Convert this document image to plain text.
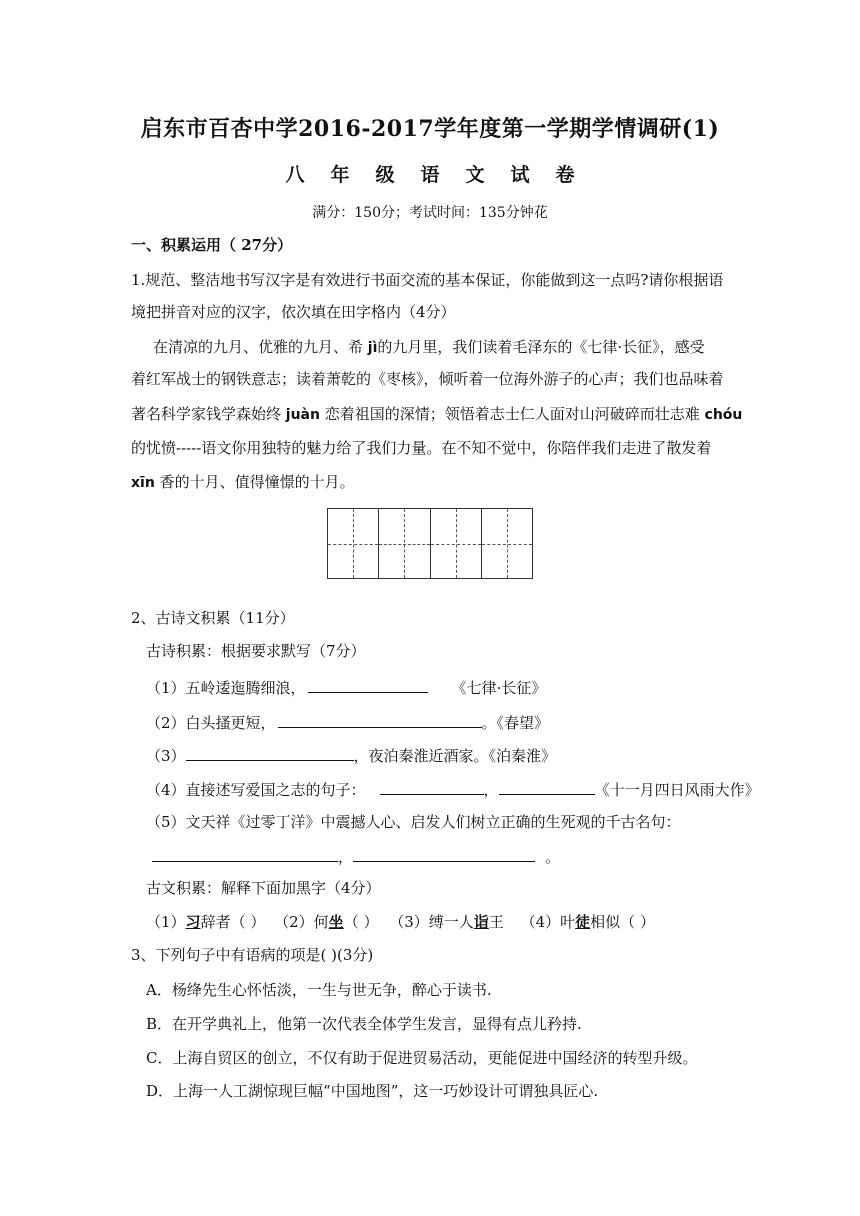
启东市百杏中学2016-2017学年度第一学期学情调研(1)
八 年 级 语 文 试 卷
满分：150分；考试时间：135分钟花
一、积累运用（ 27分）
1.规范、整洁地书写汉字是有效进行书面交流的基本保证，你能做到这一点吗?请你根据语
境把拼音对应的汉字，依次填在田字格内（4分）
在清凉的九月、优雅的九月、希 jì的九月里，我们读着毛泽东的《七律·长征》，感受
着红军战士的钢铁意志；读着萧乾的《枣核》，倾听着一位海外游子的心声；我们也品味着
著名科学家钱学森始终 juàn 恋着祖国的深情；领悟着志士仁人面对山河破碎而壮志难 chóu
的忧愤-----语文你用独特的魅力给了我们力量。在不知不觉中，你陪伴我们走进了散发着
xīn 香的十月、值得憧憬的十月。
2、古诗文积累（11分）
古诗积累：根据要求默写（7分）
（1）五岭逶迤腾细浪，	《七律·长征》
（2）白头搔更短，	。《春望》
（3）	，夜泊秦淮近酒家。《泊秦淮》
（4）直接述写爱国之志的句子：	，	《十一月四日风雨大作》
（5）文天祥《过零丁洋》中震撼人心、启发人们树立正确的生死观的千古名句：
，	。
古文积累：解释下面加黑字（4分）
（1）习辞者（ ） （2）何坐（ ） （3）缚一人诣王 （4）叶徒相似（ ）
3、下列句子中有语病的项是( )(3分)
A．杨绛先生心怀恬淡，一生与世无争，醉心于读书.
B．在开学典礼上，他第一次代表全体学生发言，显得有点儿矜持.
C．上海自贸区的创立，不仅有助于促进贸易活动，更能促进中国经济的转型升级。
D．上海一人工湖惊现巨幅“中国地图”，这一巧妙设计可谓独具匠心.
